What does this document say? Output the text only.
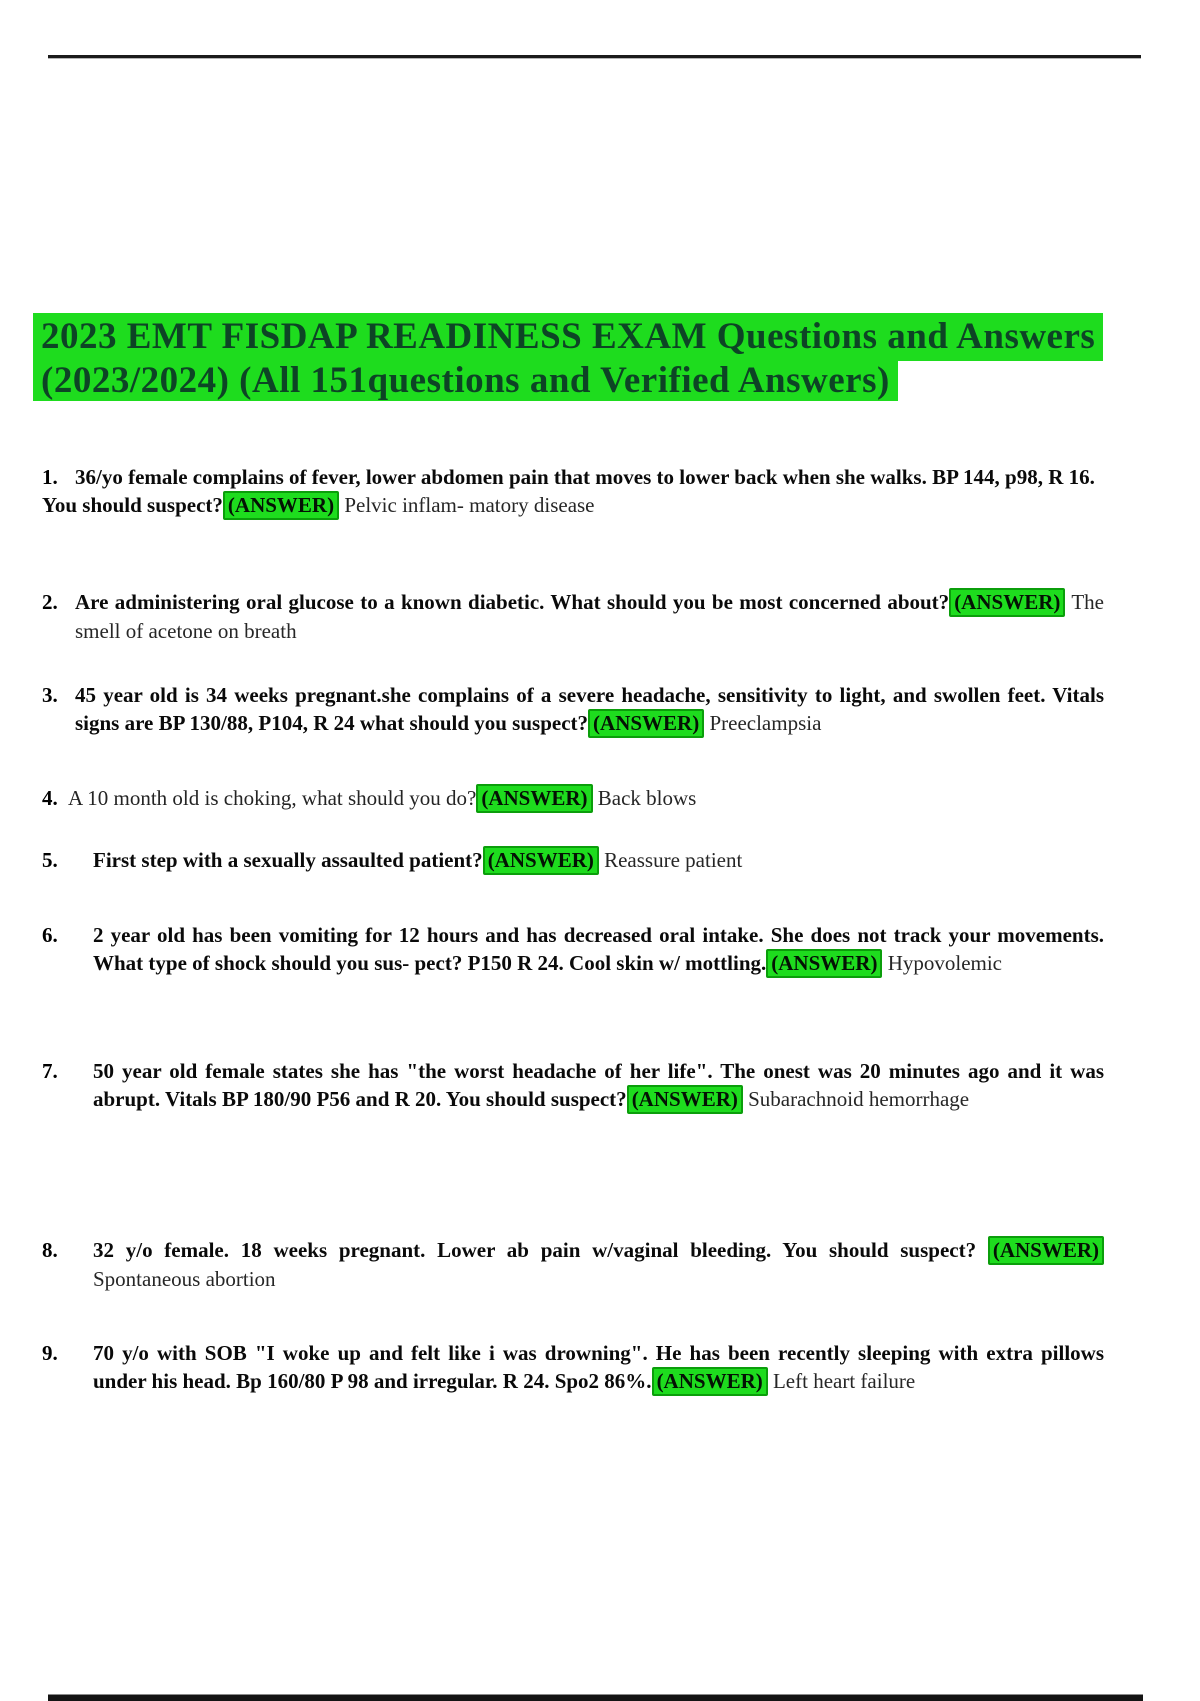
2023 EMT FISDAP READINESS EXAM Questions and Answers
(2023/2024) (All 151questions and Verified Answers)
1. 36/yo female complains of fever, lower abdomen pain that moves to lower back when she walks. BP 144, p98, R 16. You should suspect? (ANSWER) Pelvic inflam- matory disease
2. Are administering oral glucose to a known diabetic. What should you be most concerned about? (ANSWER) The smell of acetone on breath
3. 45 year old is 34 weeks pregnant.she complains of a severe headache, sensitivity to light, and swollen feet. Vitals signs are BP 130/88, P104, R 24 what should you suspect? (ANSWER) Preeclampsia
4. A 10 month old is choking, what should you do? (ANSWER) Back blows
5. First step with a sexually assaulted patient? (ANSWER) Reassure patient
6. 2 year old has been vomiting for 12 hours and has decreased oral intake. She does not track your movements. What type of shock should you sus- pect? P150 R 24. Cool skin w/ mottling. (ANSWER) Hypovolemic
7. 50 year old female states she has "the worst headache of her life". The onest was 20 minutes ago and it was abrupt. Vitals BP 180/90 P56 and R 20. You should suspect? (ANSWER) Subarachnoid hemorrhage
8. 32 y/o female. 18 weeks pregnant. Lower ab pain w/vaginal bleeding. You should suspect? (ANSWER) Spontaneous abortion
9. 70 y/o with SOB "I woke up and felt like i was drowning". He has been recently sleeping with extra pillows under his head. Bp 160/80 P 98 and irregular. R 24. Spo2 86%. (ANSWER) Left heart failure
